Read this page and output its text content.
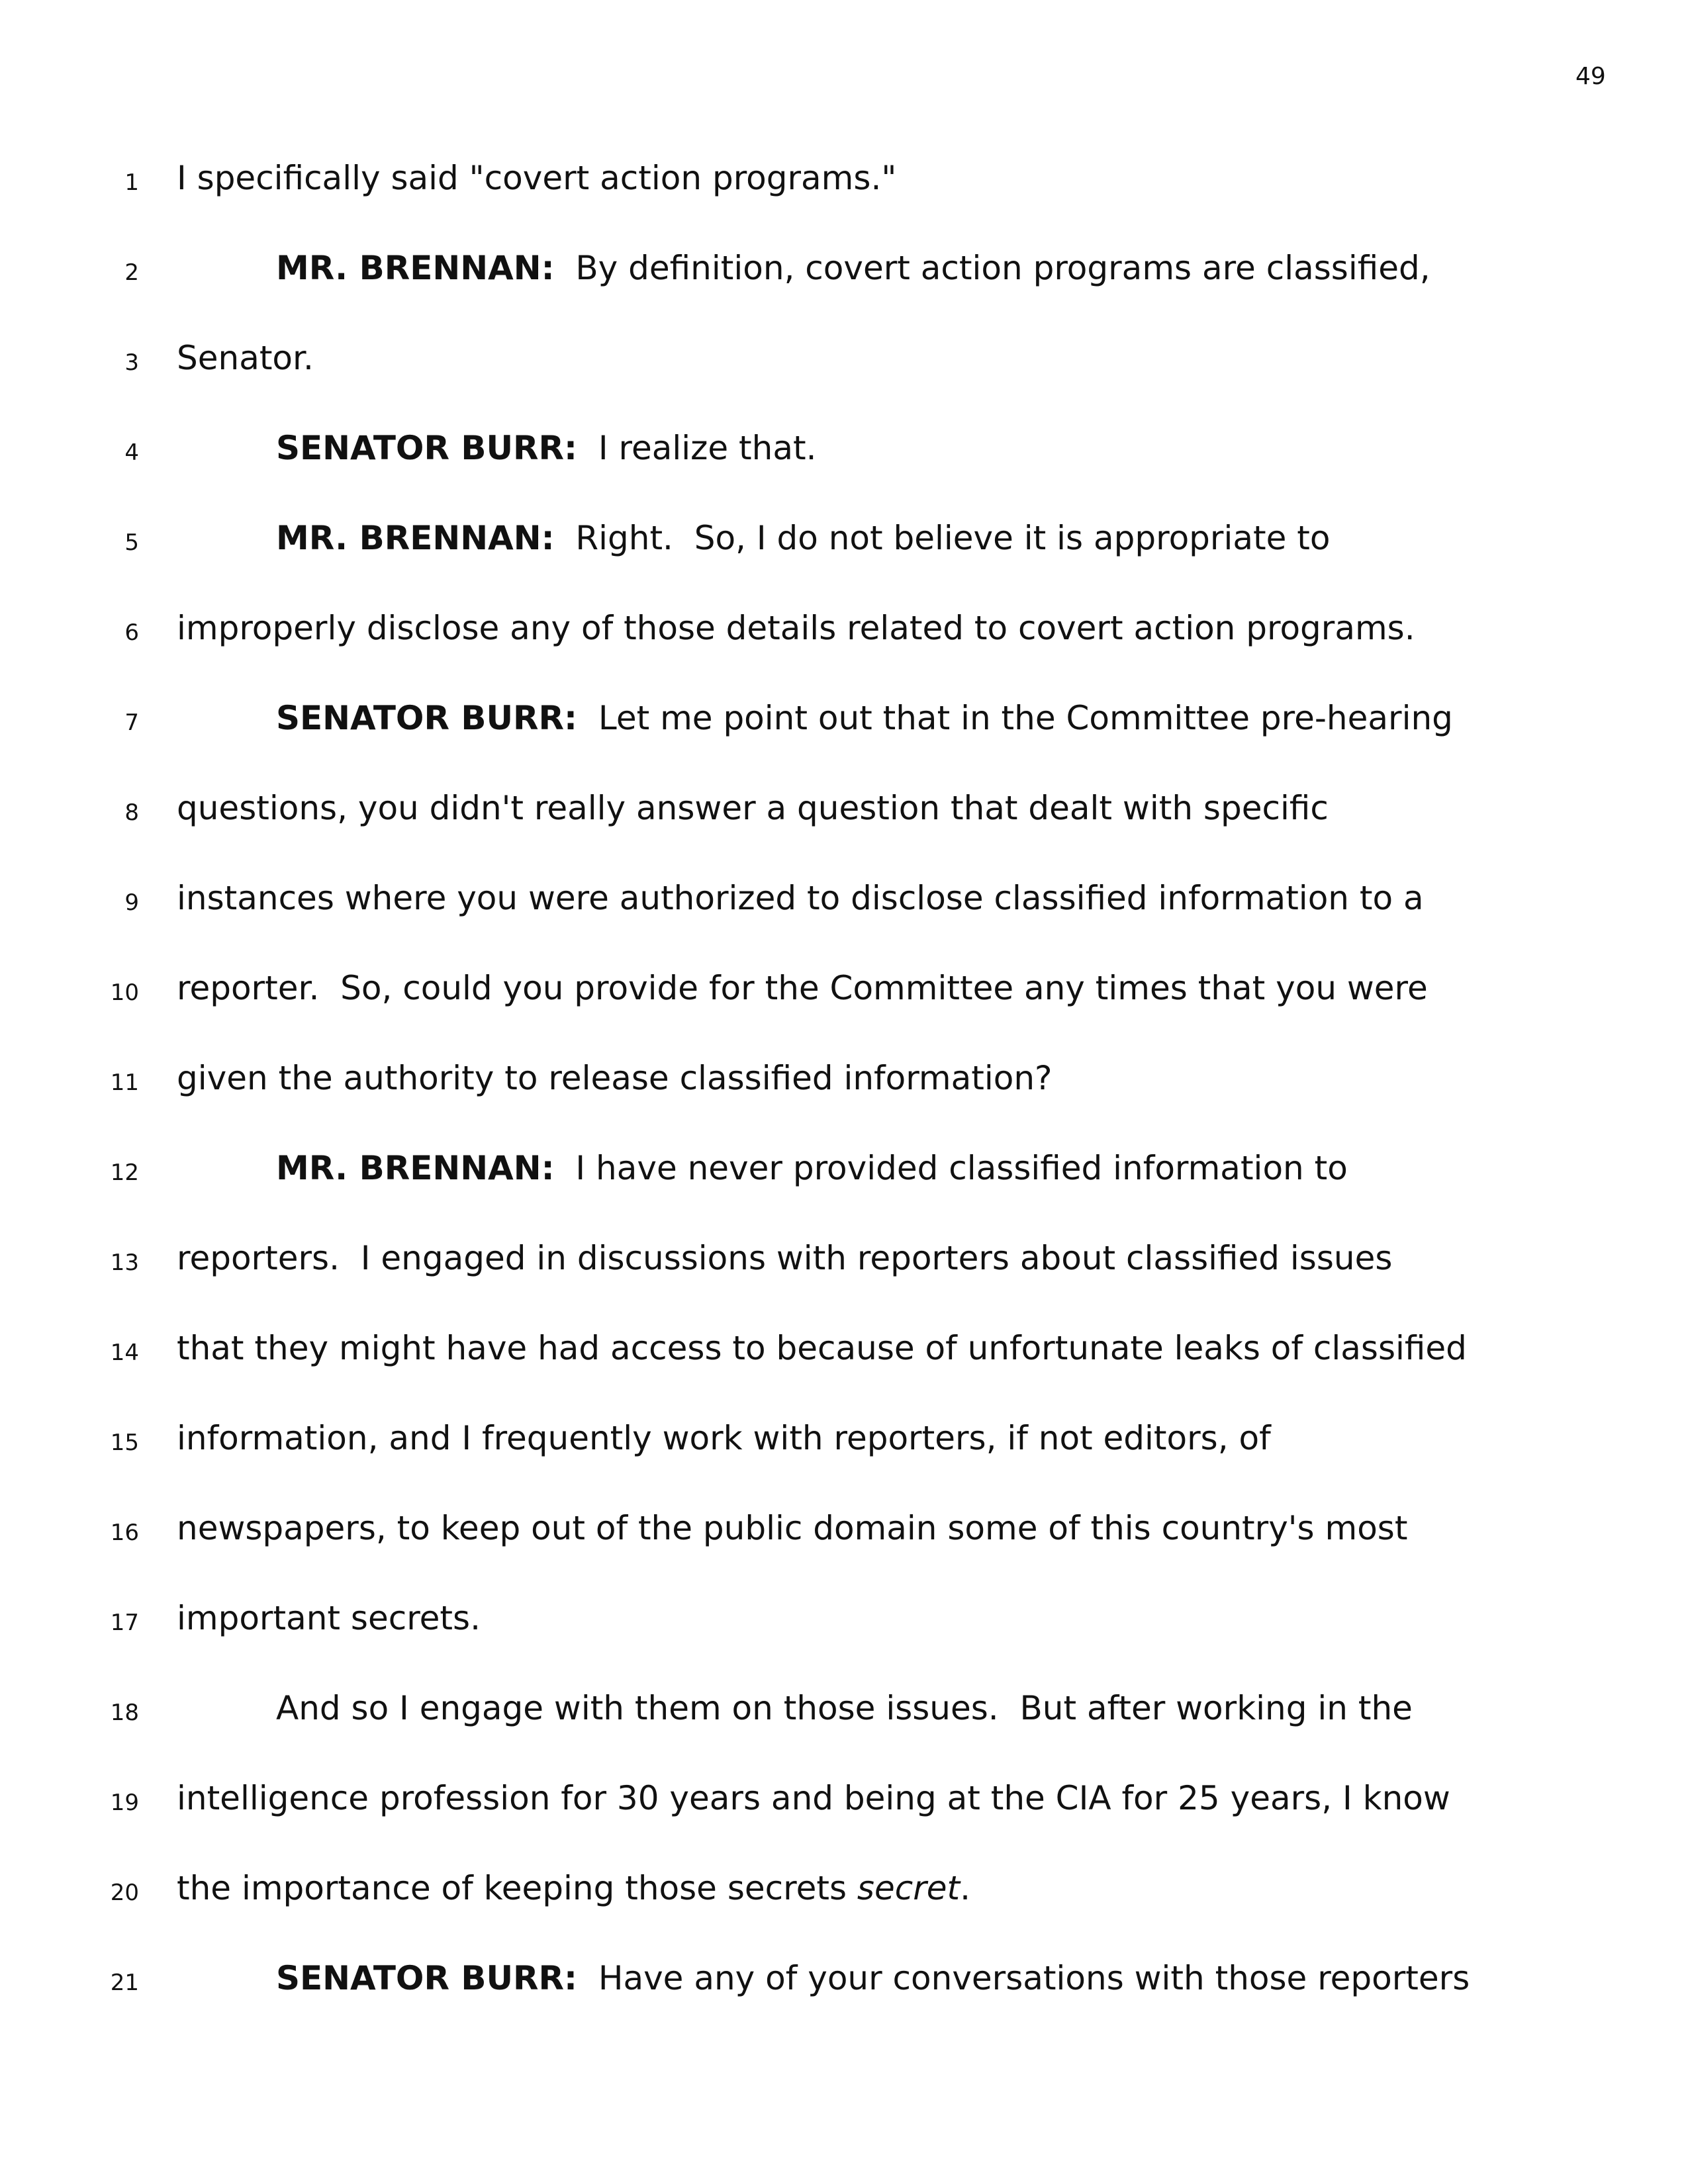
49
1 I specifically said "covert action programs."
2	MR. BRENNAN:  By definition, covert action programs are classified,
3 Senator.
4	SENATOR BURR:  I realize that.
5	MR. BRENNAN:  Right.  So, I do not believe it is appropriate to
6 improperly disclose any of those details related to covert action programs.
7	SENATOR BURR:  Let me point out that in the Committee pre-hearing
8 questions, you didn't really answer a question that dealt with specific
9 instances where you were authorized to disclose classified information to a
10 reporter.  So, could you provide for the Committee any times that you were
11 given the authority to release classified information?
12	MR. BRENNAN:  I have never provided classified information to
13 reporters.  I engaged in discussions with reporters about classified issues
14 that they might have had access to because of unfortunate leaks of classified
15 information, and I frequently work with reporters, if not editors, of
16 newspapers, to keep out of the public domain some of this country's most
17 important secrets.
18	And so I engage with them on those issues.  But after working in the
19 intelligence profession for 30 years and being at the CIA for 25 years, I know
20 the importance of keeping those secrets secret.
21	SENATOR BURR:  Have any of your conversations with those reporters
